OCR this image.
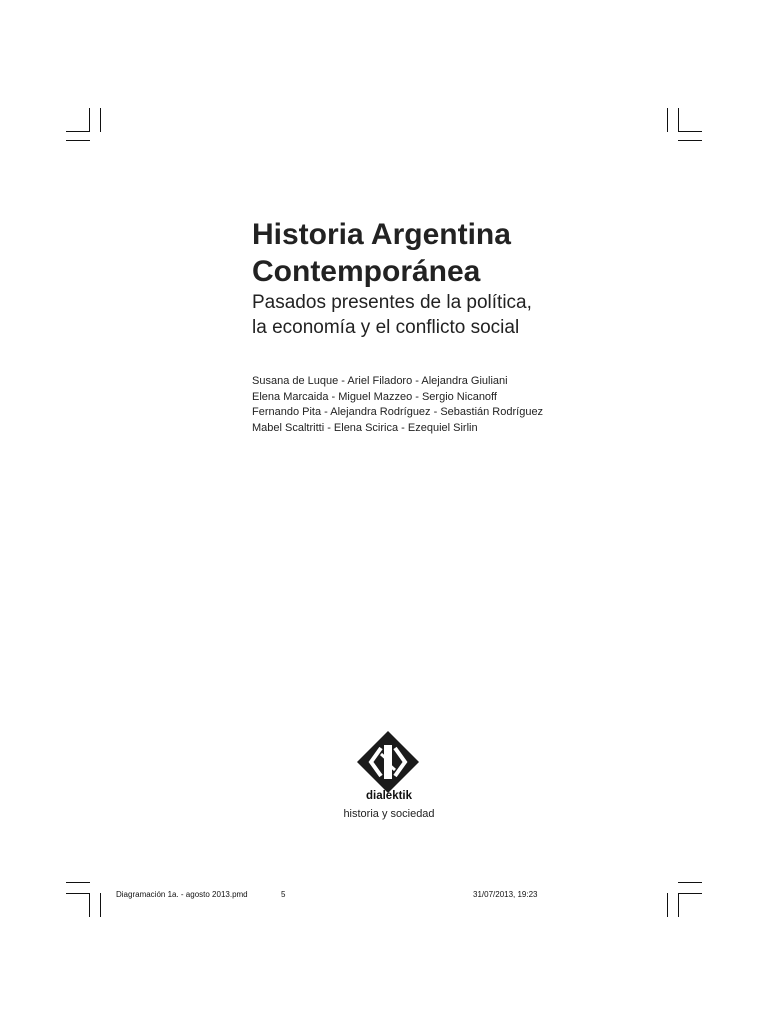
Historia Argentina
Contemporánea
Pasados presentes de la política,
la economía y el conflicto social
Susana de Luque - Ariel Filadoro - Alejandra Giuliani
Elena Marcaida - Miguel Mazzeo - Sergio Nicanoff
Fernando Pita - Alejandra Rodríguez - Sebastián Rodríguez
Mabel Scaltritti - Elena Scirica - Ezequiel Sirlin
dialektik
historia y sociedad
Diagramación 1a. - agosto 2013.pmd	5	31/07/2013, 19:23
